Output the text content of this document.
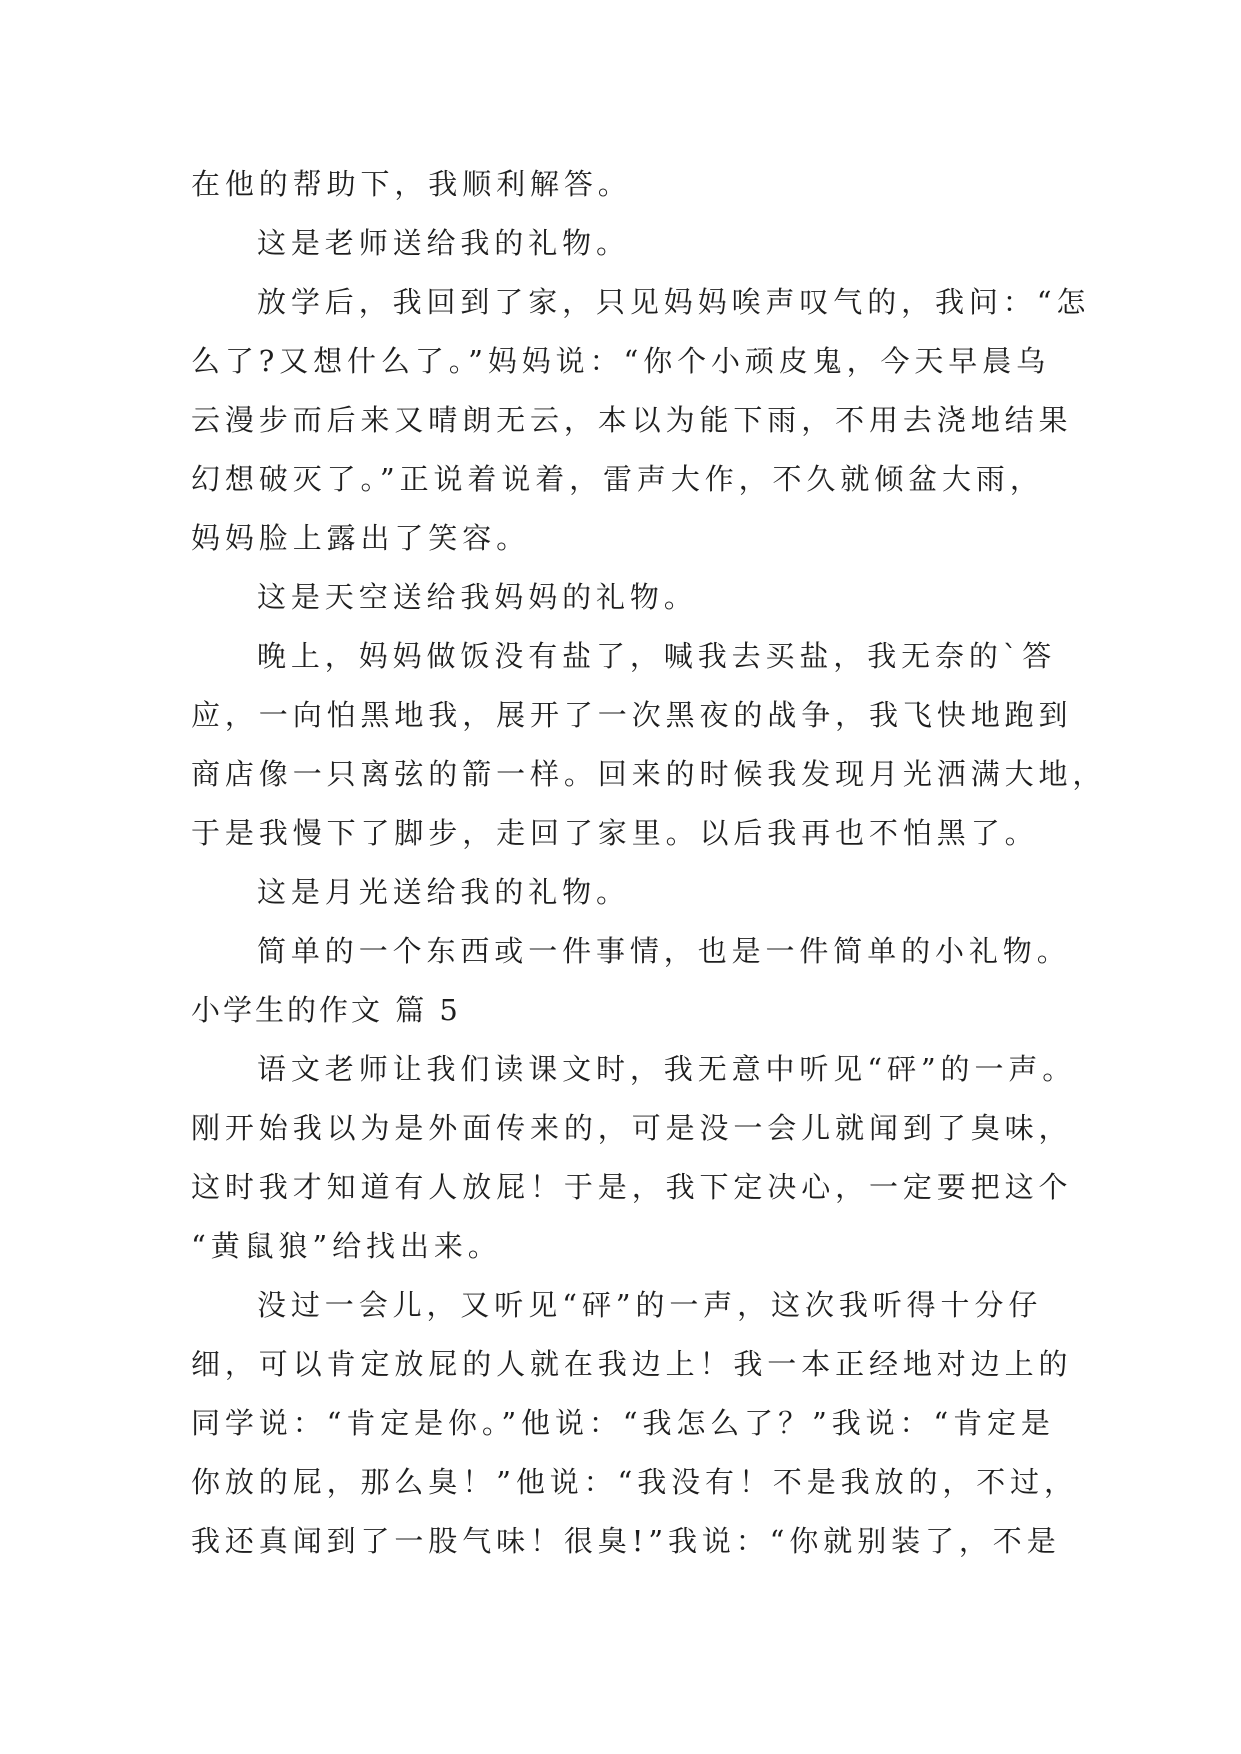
在他的帮助下，我顺利解答。
这是老师送给我的礼物。
放学后，我回到了家，只见妈妈唉声叹气的，我问：“怎
么了?又想什么了。”妈妈说：“你个小顽皮鬼，今天早晨乌
云漫步而后来又晴朗无云，本以为能下雨，不用去浇地结果
幻想破灭了。”正说着说着，雷声大作，不久就倾盆大雨，
妈妈脸上露出了笑容。
这是天空送给我妈妈的礼物。
晚上，妈妈做饭没有盐了，喊我去买盐，我无奈的`答
应，一向怕黑地我，展开了一次黑夜的战争，我飞快地跑到
商店像一只离弦的箭一样。回来的时候我发现月光洒满大地，
于是我慢下了脚步，走回了家里。以后我再也不怕黑了。
这是月光送给我的礼物。
简单的一个东西或一件事情，也是一件简单的小礼物。
小学生的作文 篇 5
语文老师让我们读课文时，我无意中听见“砰”的一声。
刚开始我以为是外面传来的，可是没一会儿就闻到了臭味，
这时我才知道有人放屁！于是，我下定决心，一定要把这个
“黄鼠狼”给找出来。
没过一会儿，又听见“砰”的一声，这次我听得十分仔
细，可以肯定放屁的人就在我边上！我一本正经地对边上的
同学说：“肯定是你。”他说：“我怎么了？”我说：“肯定是
你放的屁，那么臭！”他说：“我没有！不是我放的，不过，
我还真闻到了一股气味！很臭!”我说：“你就别装了，不是
